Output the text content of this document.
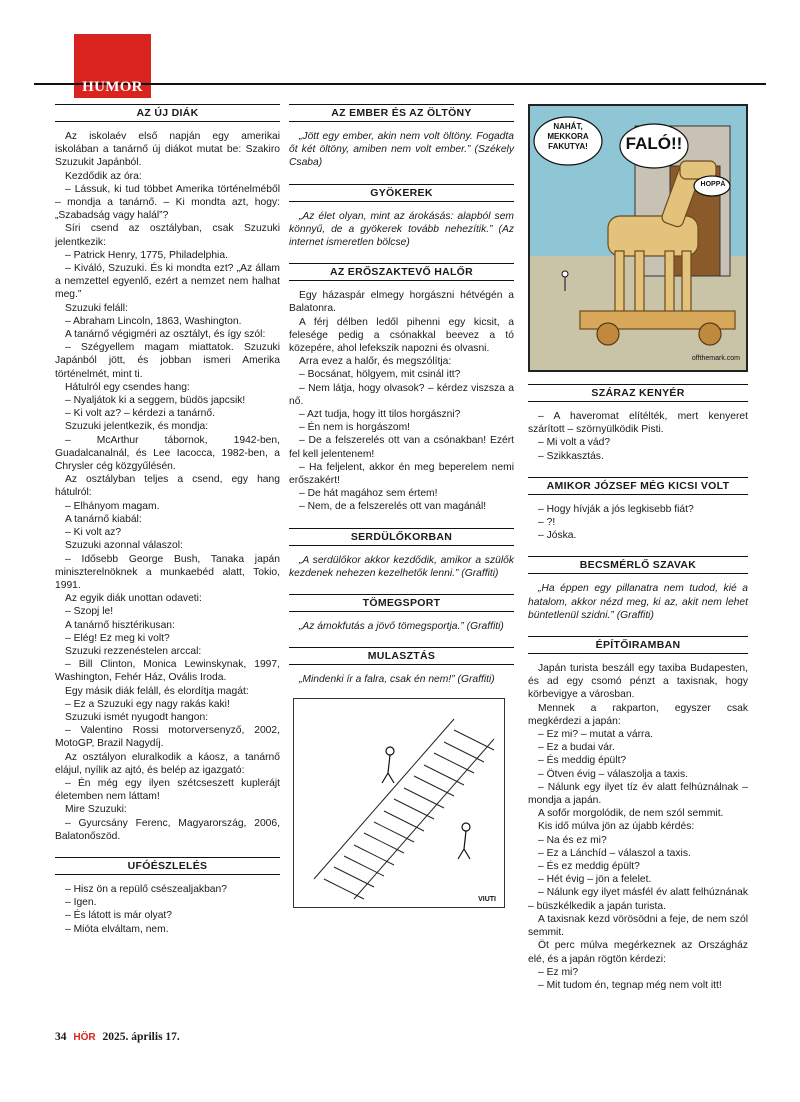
HUMOR
AZ ÚJ DIÁK

Az iskolaév első napján egy amerikai iskolában a tanárnő új diákot mutat be: Szakiro Szuzukit Japánból.

Kezdődik az óra:

– Lássuk, ki tud többet Amerika történelméből – mondja a tanárnő. – Ki mondta azt, hogy: „Szabadság vagy halál”?

Síri csend az osztályban, csak Szuzuki jelentkezik:

– Patrick Henry, 1775, Philadelphia.

– Kiváló, Szuzuki. És ki mondta ezt? „Az állam a nemzettel egyenlő, ezért a nemzet nem halhat meg.”

Szuzuki feláll:

– Abraham Lincoln, 1863, Washington.

A tanárnő végigméri az osztályt, és így szól:

– Szégyellem magam miattatok. Szuzuki Japánból jött, és jobban ismeri Amerika történelmét, mint ti.

Hátulról egy csendes hang:

– Nyaljátok ki a seggem, büdös japcsik!

– Ki volt az? – kérdezi a tanárnő.

Szuzuki jelentkezik, és mondja:

– McArthur tábornok, 1942-ben, Guadalcanalnál, és Lee Iacocca, 1982-ben, a Chrysler cég közgyűlésén.

Az osztályban teljes a csend, egy hang hátulról:

– Elhányom magam.

A tanárnő kiabál:

– Ki volt az?

Szuzuki azonnal válaszol:

– Idősebb George Bush, Tanaka japán miniszterelnöknek a munkaebéd alatt, Tokio, 1991.

Az egyik diák unottan odaveti:

– Szopj le!

A tanárnő hisztérikusan:

– Elég! Ez meg ki volt?

Szuzuki rezzenéstelen arccal:

– Bill Clinton, Monica Lewinskynak, 1997, Washington, Fehér Ház, Ovális Iroda.

Egy másik diák feláll, és elordítja magát:

– Ez a Szuzuki egy nagy rakás kaki!

Szuzuki ismét nyugodt hangon:

– Valentino Rossi motorversenyző, 2002, MotoGP, Brazil Nagydíj.

Az osztályon eluralkodik a káosz, a tanárnő elájul, nyílik az ajtó, és belép az igazgató:

– Én még egy ilyen szétcseszett kuplerájt életemben nem láttam!

Mire Szuzuki:

– Gyurcsány Ferenc, Magyarország, 2006, Balatonőszöd.

UFÓÉSZLELÉS

– Hisz ön a repülő csészealjakban?

– Igen.

– És látott is már olyat?

– Mióta elváltam, nem.

AZ EMBER ÉS AZ ÖLTÖNY

„Jött egy ember, akin nem volt öltöny. Fogadta őt két öltöny, amiben nem volt ember.” (Székely Csaba)

GYÖKEREK

„Az élet olyan, mint az árokásás: alapból sem könnyű, de a gyökerek tovább nehezítik.” (Az internet ismeretlen bölcse)

AZ ERŐSZAKTEVŐ HALŐR

Egy házaspár elmegy horgászni hétvégén a Balatonra.

A férj délben ledől pihenni egy kicsit, a felesége pedig a csónakkal beevez a tó közepére, ahol lefekszik napozni és olvasni.

Arra evez a halőr, és megszólítja:

– Bocsánat, hölgyem, mit csinál itt?

– Nem látja, hogy olvasok? – kérdez viszsza a nő.

– Azt tudja, hogy itt tilos horgászni?

– Én nem is horgászom!

– De a felszerelés ott van a csónakban! Ezért fel kell jelentenem!

– Ha feljelent, akkor én meg beperelem nemi erőszakért!

– De hát magához sem értem!

– Nem, de a felszerelés ott van magánál!

SERDÜLŐKORBAN

„A serdülőkor akkor kezdődik, amikor a szülők kezdenek nehezen kezelhetők lenni.” (Graffiti)

TÖMEGSPORT

„Az ámokfutás a jövő tömegsportja.” (Graffiti)

MULASZTÁS

„Mindenki ír a falra, csak én nem!” (Graffiti)

VIUTI
NAHÁT, MEKKORA FAKUTYA!	FALÓ!!
HOPPÁ
offthemark.com
SZÁRAZ KENYÉR

– A haveromat elítélték, mert kenyeret szárított – szörnyülködik Pisti.

– Mi volt a vád?

– Szikkasztás.

AMIKOR JÓZSEF MÉG KICSI VOLT

– Hogy hívják a jós legkisebb fiát?

– ?!

– Jóska.

BECSMÉRLŐ SZAVAK

„Ha éppen egy pillanatra nem tudod, kié a hatalom, akkor nézd meg, ki az, akit nem lehet büntetlenül szidni.” (Graffiti)

ÉPÍTŐIRAMBAN

Japán turista beszáll egy taxiba Budapesten, és ad egy csomó pénzt a taxisnak, hogy körbevigye a városban.

Mennek a rakparton, egyszer csak megkérdezi a japán:

– Ez mi? – mutat a várra.

– Ez a budai vár.

– És meddig épült?

– Ötven évig – válaszolja a taxis.

– Nálunk egy ilyet tíz év alatt felhúználnak – mondja a japán.

A sofőr morgolódik, de nem szól semmit.

Kis idő múlva jön az újabb kérdés:

– Na és ez mi?

– Ez a Lánchíd – válaszol a taxis.

– És ez meddig épült?

– Hét évig – jön a felelet.

– Nálunk egy ilyet másfél év alatt felhúznának – büszkélkedik a japán turista.

A taxisnak kezd vörösödni a feje, de nem szól semmit.

Öt perc múlva megérkeznek az Országház elé, és a japán rögtön kérdezi:

– Ez mi?

– Mit tudom én, tegnap még nem volt itt!

34 HÖR 2025. április 17.
